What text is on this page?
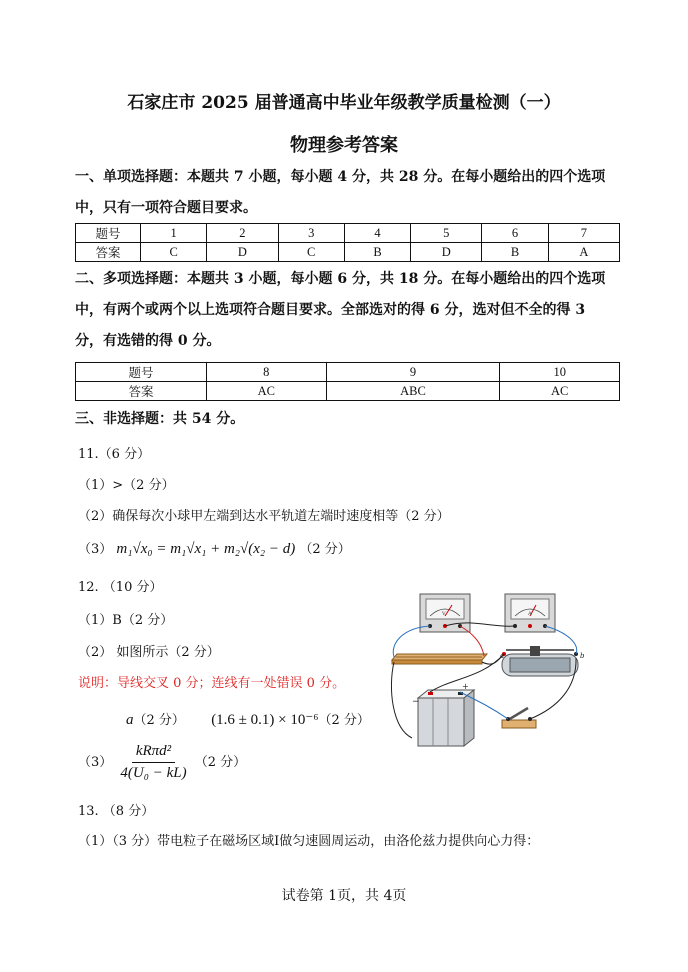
石家庄市 2025 届普通高中毕业年级教学质量检测（一）
物理参考答案
一、单项选择题：本题共 7 小题，每小题 4 分，共 28 分。在每小题给出的四个选项
中，只有一项符合题目要求。
题号	1	2	3	4	5	6	7
答案	C	D	C	B	D	B	A
二、多项选择题：本题共 3 小题，每小题 6 分，共 18 分。在每小题给出的四个选项
中，有两个或两个以上选项符合题目要求。全部选对的得 6 分，选对但不全的得 3
分，有选错的得 0 分。
题号	8	9	10
答案	AC	ABC	AC
三、非选择题：共 54 分。
11.（6 分）
（1）>（2 分）
（2）确保每次小球甲左端到达水平轨道左端时速度相等（2 分）
（3） m₁√x₀ = m₁√x₁ + m₂√(x₂ − d) （2 分）
12. （10 分）
（1）B（2 分）
（2） 如图所示（2 分）
说明：导线交叉 0 分；连线有一处错误 0 分。
a（2 分） (1.6 ± 0.1) × 10⁻⁶（2 分）
$(3) \frac{\text{kRπd²}}{\text{4(U₀ − kL)}} (2$ 分）
13. （8 分）
（1）（3 分）带电粒子在磁场区域Ⅰ做匀速圆周运动，由洛伦兹力提供向心力得：
V	A
a	b
−
+
试卷第 1页，共 4页
